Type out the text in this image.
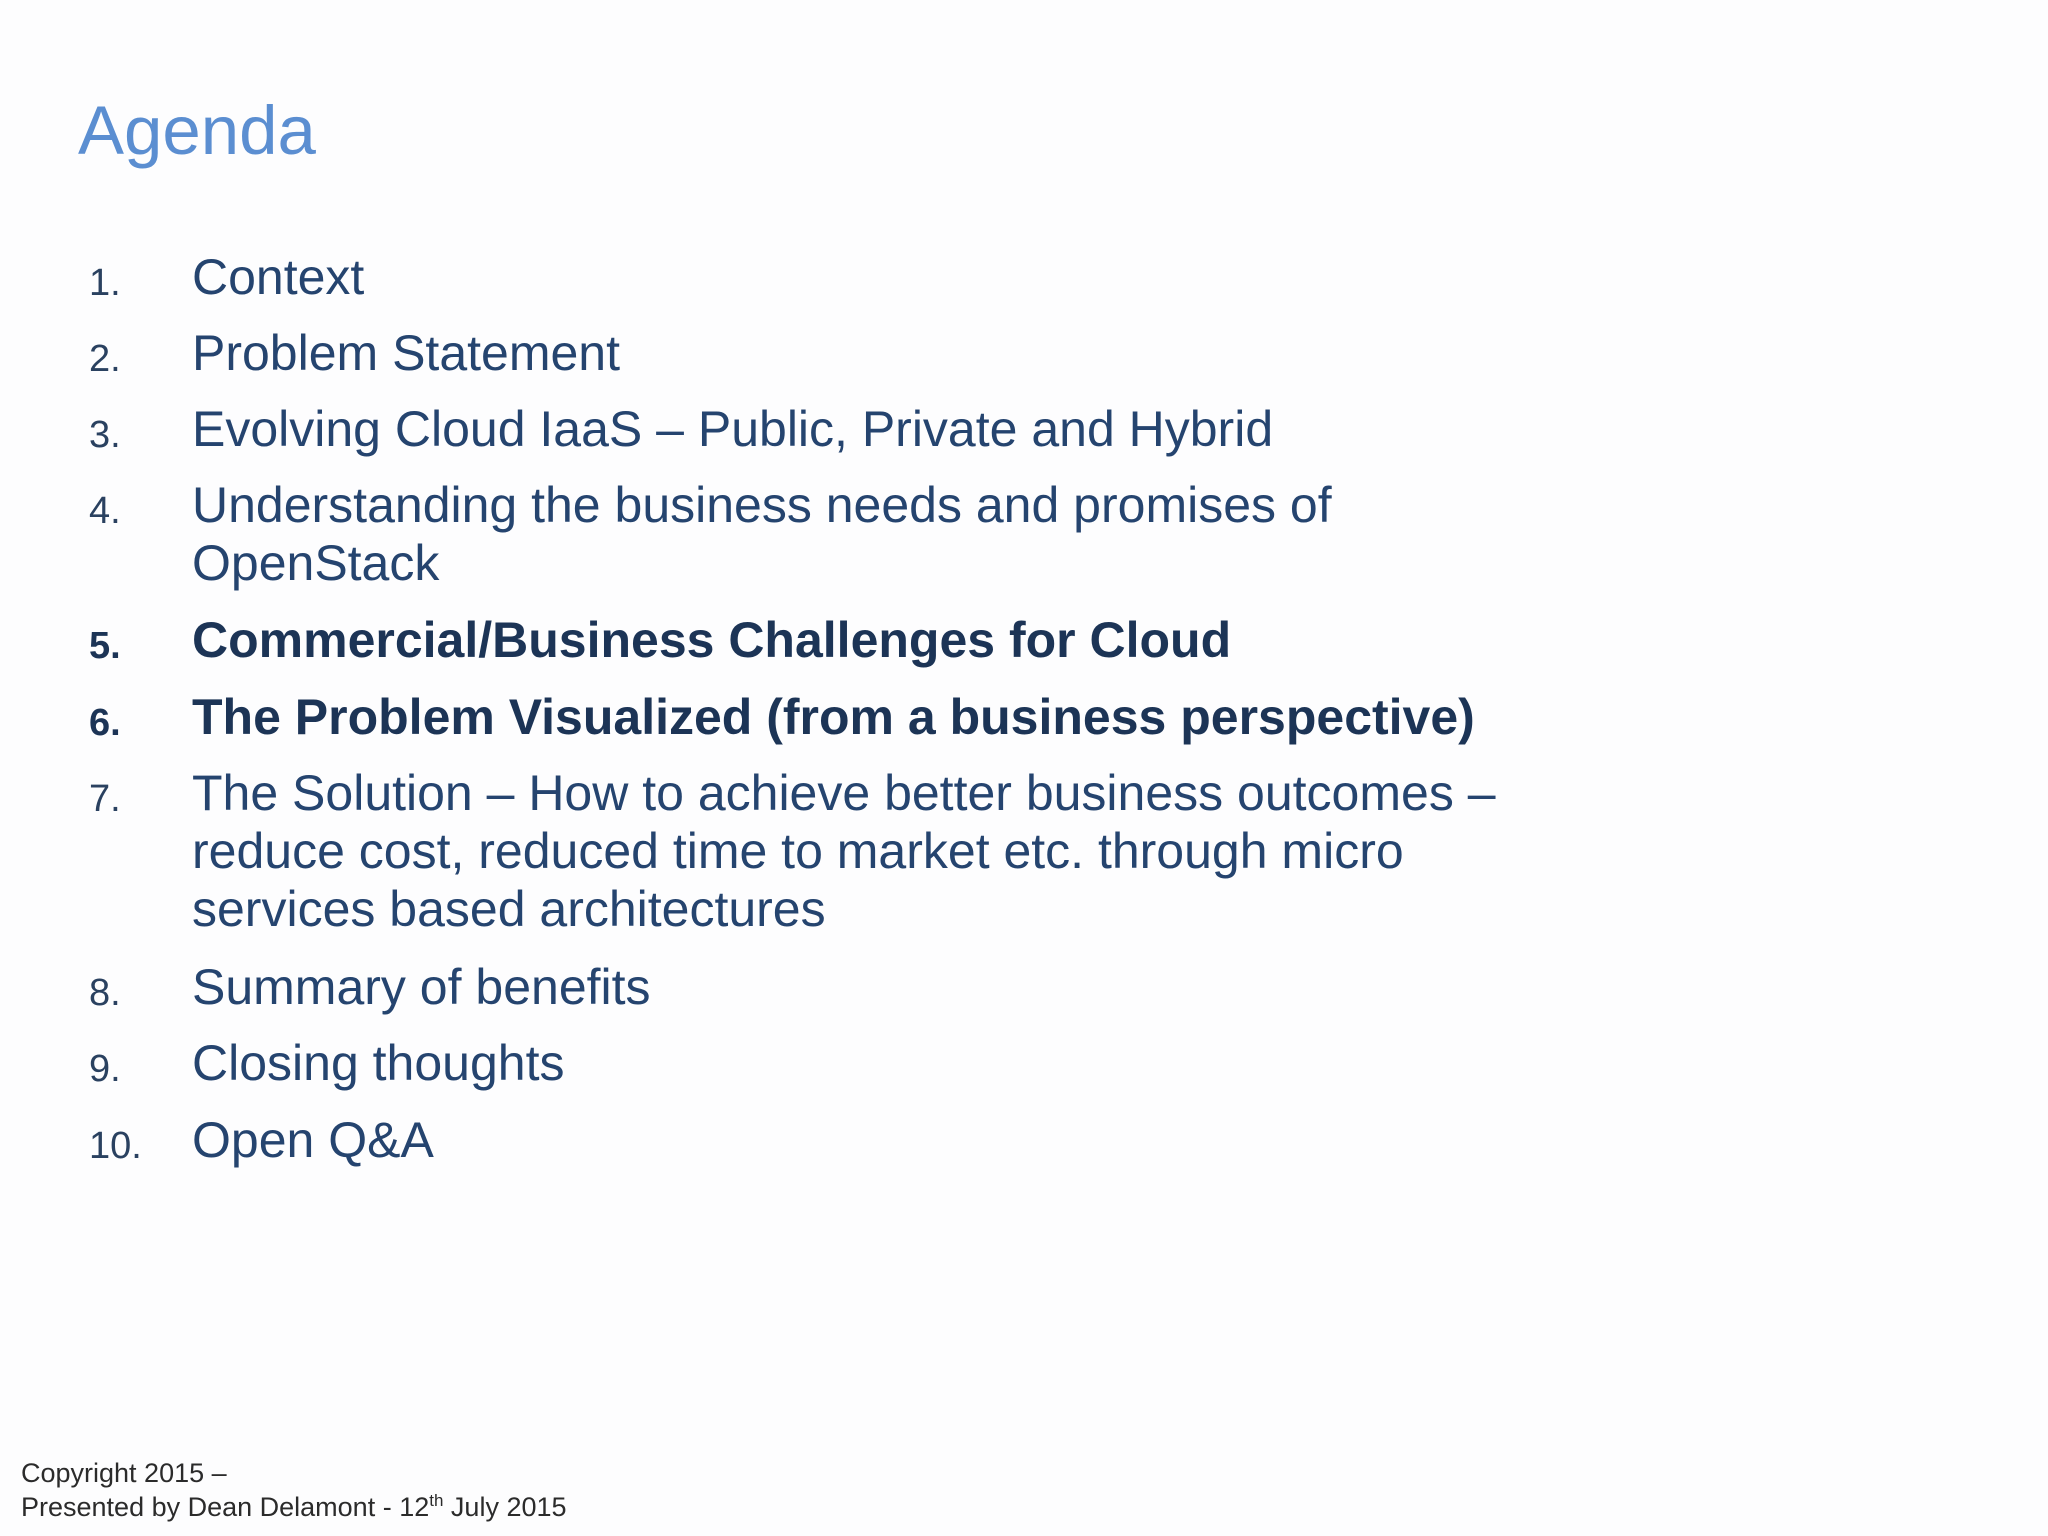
Agenda
1. Context
2. Problem Statement
3. Evolving Cloud IaaS – Public, Private and Hybrid
4. Understanding the business needs and promises of
OpenStack
5. Commercial/Business Challenges for Cloud
6. The Problem Visualized (from a business perspective)
7. The Solution – How to achieve better business outcomes –
reduce cost, reduced time to market etc. through micro
services based architectures
8. Summary of benefits
9. Closing thoughts
10. Open Q&A
Copyright 2015 –
Presented by Dean Delamont - 12th July 2015
